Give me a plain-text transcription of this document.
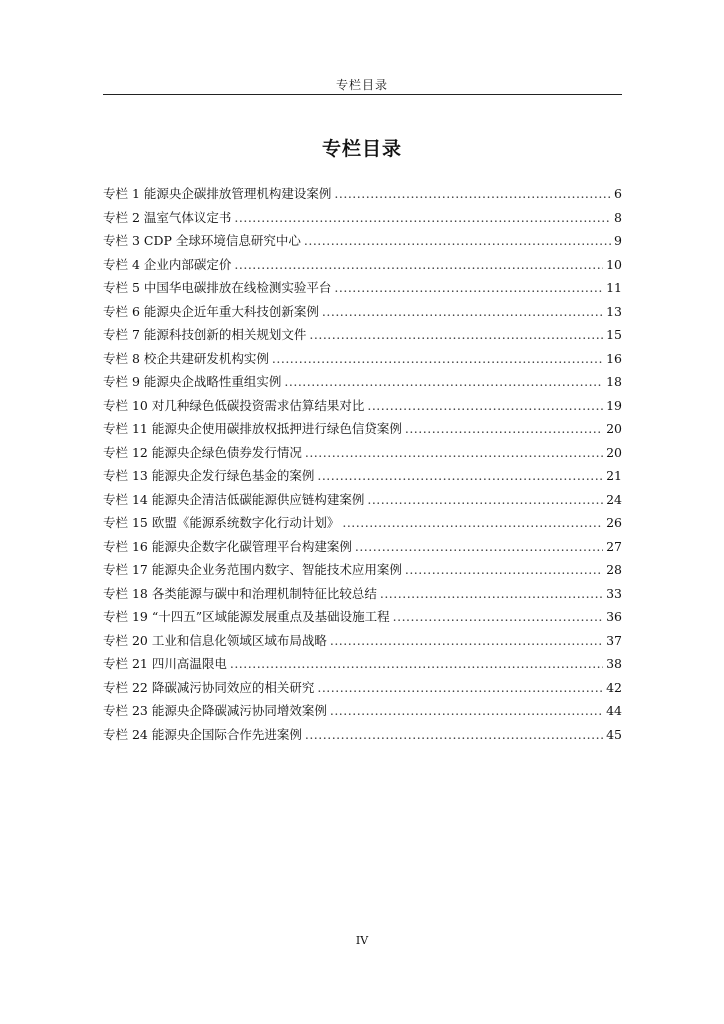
专栏目录
专栏目录
专栏 1 能源央企碳排放管理机构建设案例 .....	6
专栏 2 温室气体议定书 .....	8
专栏 3 CDP 全球环境信息研究中心 .....	9
专栏 4 企业内部碳定价 .....	10
专栏 5 中国华电碳排放在线检测实验平台 .....	11
专栏 6 能源央企近年重大科技创新案例 .....	13
专栏 7 能源科技创新的相关规划文件 .....	15
专栏 8 校企共建研发机构实例 .....	16
专栏 9 能源央企战略性重组实例 .....	18
专栏 10 对几种绿色低碳投资需求估算结果对比 .....	19
专栏 11 能源央企使用碳排放权抵押进行绿色信贷案例 .....	20
专栏 12 能源央企绿色债券发行情况 .....	20
专栏 13 能源央企发行绿色基金的案例 .....	21
专栏 14 能源央企清洁低碳能源供应链构建案例 .....	24
专栏 15 欧盟《能源系统数字化行动计划》 .....	26
专栏 16 能源央企数字化碳管理平台构建案例 .....	27
专栏 17 能源央企业务范围内数字、智能技术应用案例 .....	28
专栏 18 各类能源与碳中和治理机制特征比较总结 .....	33
专栏 19 “十四五”区域能源发展重点及基础设施工程 .....	36
专栏 20 工业和信息化领域区域布局战略 .....	37
专栏 21 四川高温限电 .....	38
专栏 22 降碳减污协同效应的相关研究 .....	42
专栏 23 能源央企降碳减污协同增效案例 .....	44
专栏 24 能源央企国际合作先进案例 .....	45
IV
